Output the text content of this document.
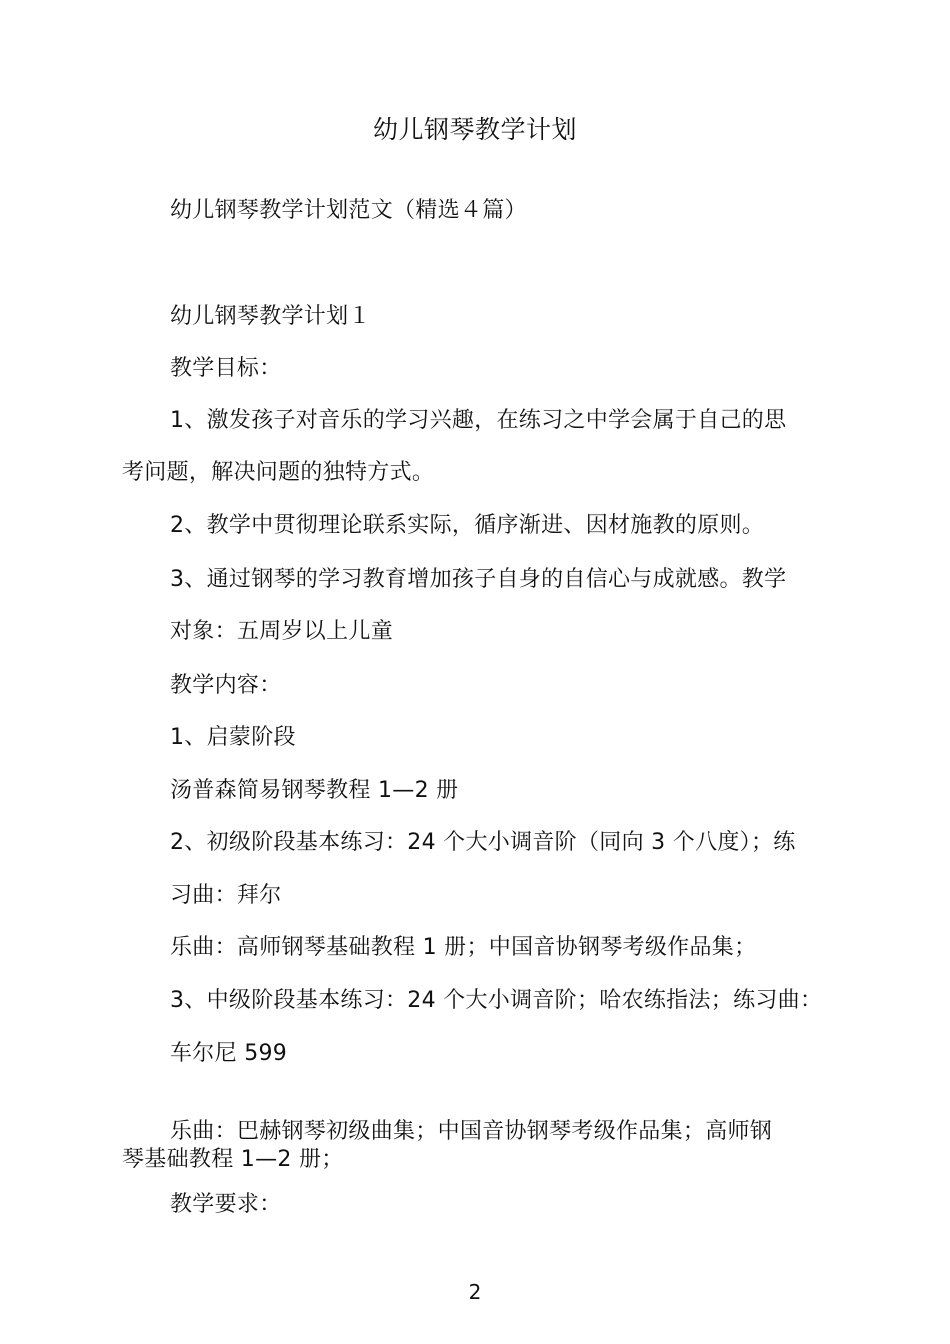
幼儿钢琴教学计划
幼儿钢琴教学计划范文（精选４篇）
幼儿钢琴教学计划１
教学目标：
1、激发孩子对音乐的学习兴趣，在练习之中学会属于自己的思
考问题，解决问题的独特方式。
2、教学中贯彻理论联系实际，循序渐进、因材施教的原则。
3、通过钢琴的学习教育增加孩子自身的自信心与成就感。教学
对象：五周岁以上儿童
教学内容：
1、启蒙阶段
汤普森简易钢琴教程 1—2 册
2、初级阶段基本练习：24 个大小调音阶（同向 3 个八度）；练
习曲：拜尔
乐曲：高师钢琴基础教程 1 册；中国音协钢琴考级作品集；
3、中级阶段基本练习：24 个大小调音阶；哈农练指法；练习曲：
车尔尼 599
乐曲：巴赫钢琴初级曲集；中国音协钢琴考级作品集；高师钢
琴基础教程 1—2 册；
教学要求：
2
